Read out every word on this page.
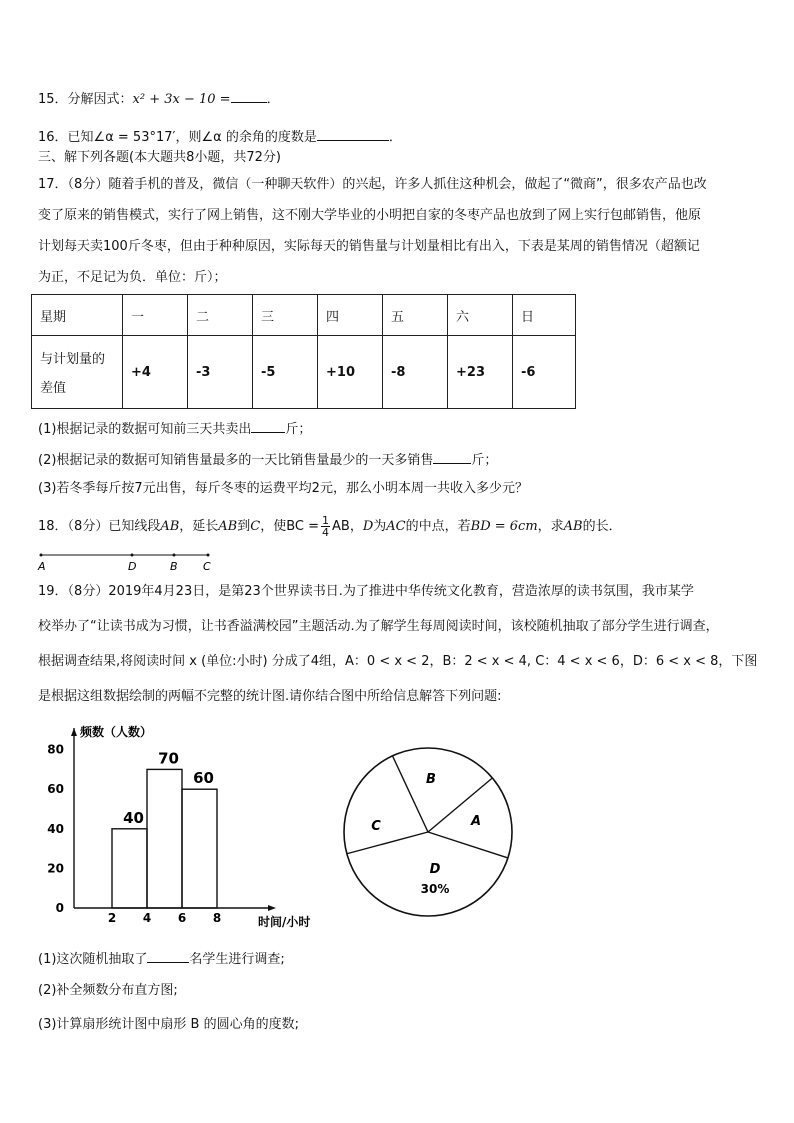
15．分解因式：x² + 3x − 10 =	．
16．已知∠α = 53°17′，则∠α 的余角的度数是	．
三、解下列各题(本大题共8小题，共72分)
17．（8分）随着手机的普及，微信（一种聊天软件）的兴起，许多人抓住这种机会，做起了“微商”，很多农产品也改
变了原来的销售模式，实行了网上销售，这不刚大学毕业的小明把自家的冬枣产品也放到了网上实行包邮销售，他原
计划每天卖100斤冬枣，但由于种种原因，实际每天的销售量与计划量相比有出入，下表是某周的销售情况（超额记
为正，不足记为负．单位：斤）；
星期	一	二	三	四	五	六	日

与计划量的
差值	+4	-3	-5	+10	-8	+23	-6
(1)根据记录的数据可知前三天共卖出	斤；
(2)根据记录的数据可知销售量最多的一天比销售量最少的一天多销售	斤；
(3)若冬季每斤按7元出售，每斤冬枣的运费平均2元，那么小明本周一共收入多少元？
18．（8分）已知线段AB，延长AB到C，使BC = $\frac{1}{4}$ AB，D为AC的中点，若BD = 6cm，求AB的长．
A	D	B C
19．（8分）2019年4月23日，是第23个世界读书日.为了推进中华传统文化教育，营造浓厚的读书氛围，我市某学
校举办了“让读书成为习惯，让书香溢满校园”主题活动.为了解学生每周阅读时间，该校随机抽取了部分学生进行调查，
根据调查结果,将阅读时间 x (单位:小时) 分成了4组，A：0 < x < 2，B：2 < x < 4, C：4 < x < 6，D：6 < x < 8，下图
是根据这组数据绘制的两幅不完整的统计图.请你结合图中所给信息解答下列问题:
频数（人数）
时间/小时
0
20
40
60
80
2 4 6 8
40
70
60
A
B
C
D
30%
(1)这次随机抽取了	名学生进行调查;
(2)补全频数分布直方图;
(3)计算扇形统计图中扇形 B 的圆心角的度数;
